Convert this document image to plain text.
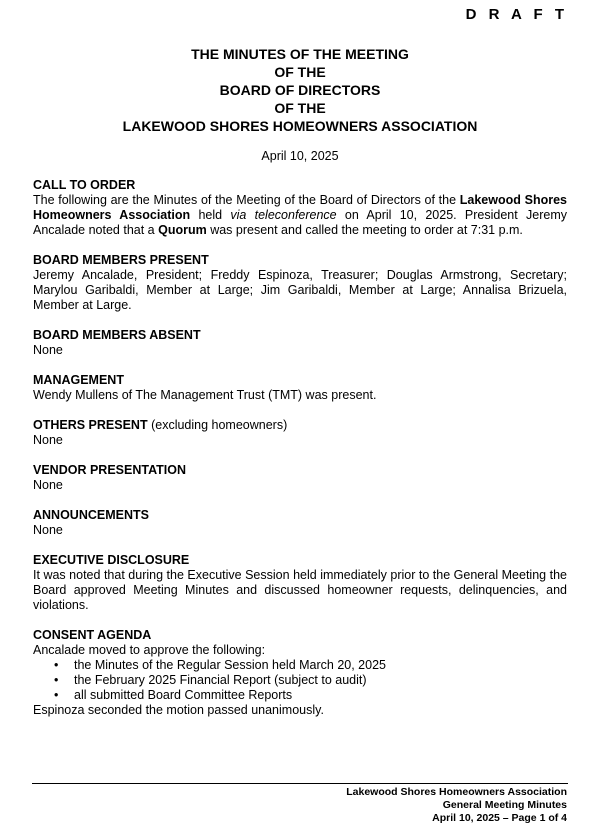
D R A F T
THE MINUTES OF THE MEETING
OF THE
BOARD OF DIRECTORS
OF THE
LAKEWOOD SHORES HOMEOWNERS ASSOCIATION
April 10, 2025
CALL TO ORDER
The following are the Minutes of the Meeting of the Board of Directors of the Lakewood Shores Homeowners Association held via teleconference on April 10, 2025. President Jeremy Ancalade noted that a Quorum was present and called the meeting to order at 7:31 p.m.
BOARD MEMBERS PRESENT
Jeremy Ancalade, President; Freddy Espinoza, Treasurer; Douglas Armstrong, Secretary; Marylou Garibaldi, Member at Large; Jim Garibaldi, Member at Large; Annalisa Brizuela, Member at Large.
BOARD MEMBERS ABSENT
None
MANAGEMENT
Wendy Mullens of The Management Trust (TMT) was present.
OTHERS PRESENT (excluding homeowners)
None
VENDOR PRESENTATION
None
ANNOUNCEMENTS
None
EXECUTIVE DISCLOSURE
It was noted that during the Executive Session held immediately prior to the General Meeting the Board approved Meeting Minutes and discussed homeowner requests, delinquencies, and violations.
CONSENT AGENDA
Ancalade moved to approve the following:
• the Minutes of the Regular Session held March 20, 2025
• the February 2025 Financial Report (subject to audit)
• all submitted Board Committee Reports
Espinoza seconded the motion passed unanimously.
Lakewood Shores Homeowners Association
General Meeting Minutes
April 10, 2025 – Page 1 of 4
